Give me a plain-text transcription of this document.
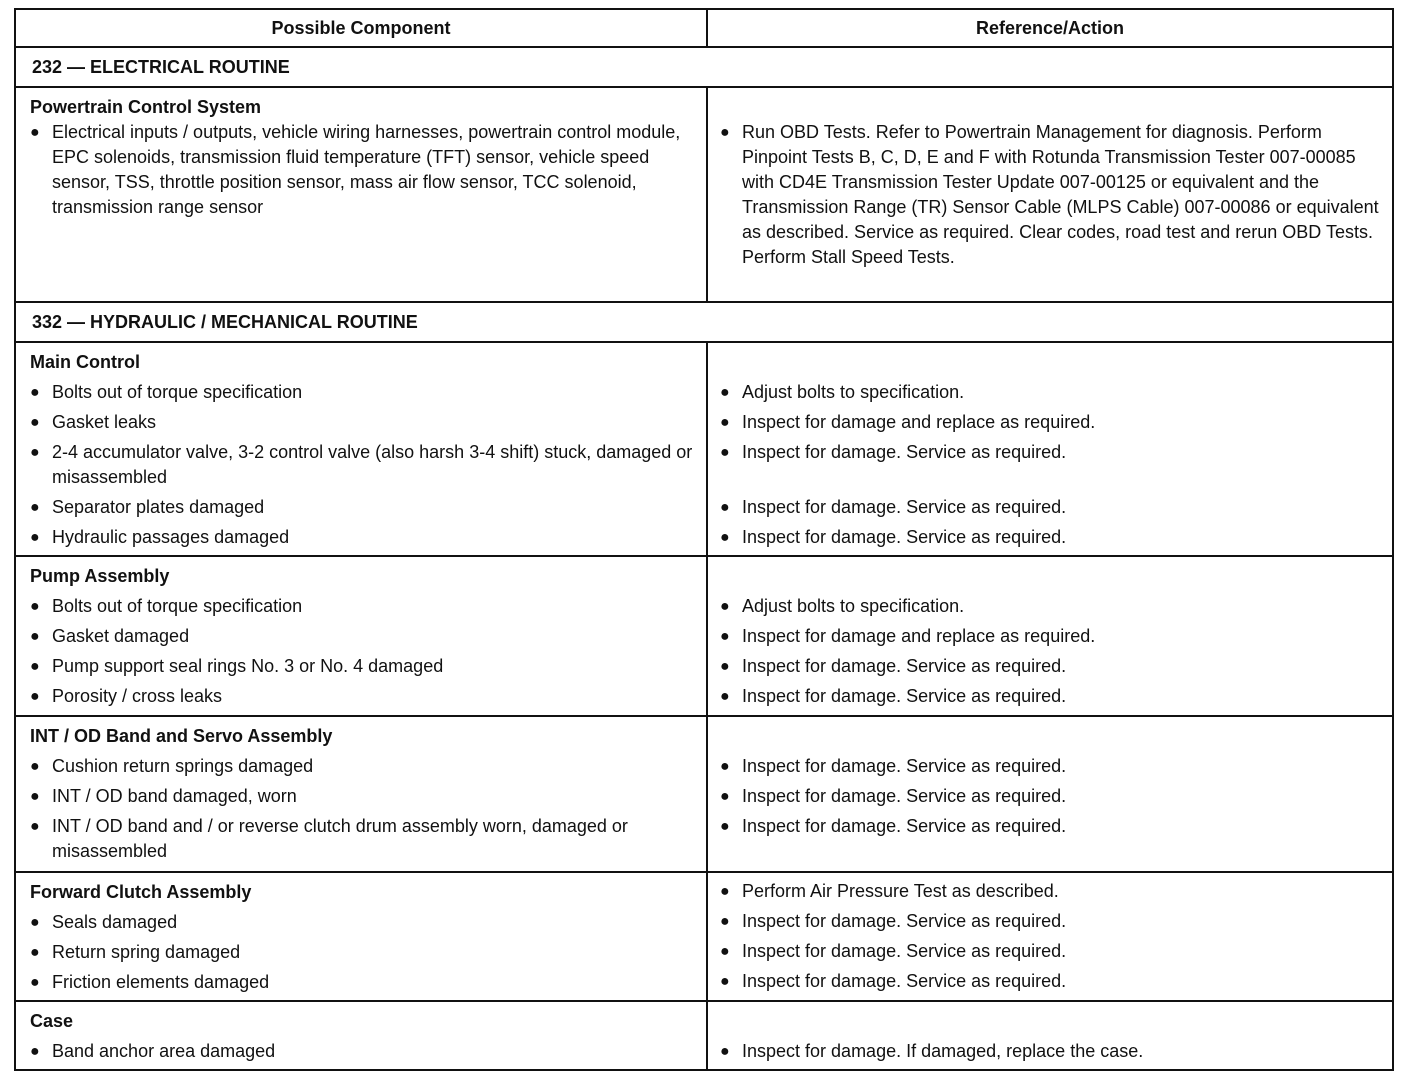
Possible Component	Reference/Action
232 — ELECTRICAL ROUTINE
Powertrain Control System
● Electrical inputs / outputs, vehicle wiring harnesses, powertrain control module, EPC solenoids, transmission fluid temperature (TFT) sensor, vehicle speed sensor, TSS, throttle position sensor, mass air flow sensor, TCC solenoid, transmission range sensor
● Run OBD Tests. Refer to Powertrain Management for diagnosis. Perform Pinpoint Tests B, C, D, E and F with Rotunda Transmission Tester 007-00085 with CD4E Transmission Tester Update 007-00125 or equivalent and the Transmission Range (TR) Sensor Cable (MLPS Cable) 007-00086 or equivalent as described. Service as required. Clear codes, road test and rerun OBD Tests. Perform Stall Speed Tests.
332 — HYDRAULIC / MECHANICAL ROUTINE
Main Control
● Bolts out of torque specification
● Gasket leaks
● 2-4 accumulator valve, 3-2 control valve (also harsh 3-4 shift) stuck, damaged or misassembled
● Separator plates damaged
● Hydraulic passages damaged
● Adjust bolts to specification.
● Inspect for damage and replace as required.
● Inspect for damage. Service as required.
● Inspect for damage. Service as required.
● Inspect for damage. Service as required.
Pump Assembly
● Bolts out of torque specification
● Gasket damaged
● Pump support seal rings No. 3 or No. 4 damaged
● Porosity / cross leaks
● Adjust bolts to specification.
● Inspect for damage and replace as required.
● Inspect for damage. Service as required.
● Inspect for damage. Service as required.
INT / OD Band and Servo Assembly
● Cushion return springs damaged
● INT / OD band damaged, worn
● INT / OD band and / or reverse clutch drum assembly worn, damaged or misassembled
● Inspect for damage. Service as required.
● Inspect for damage. Service as required.
● Inspect for damage. Service as required.
Forward Clutch Assembly
● Seals damaged
● Return spring damaged
● Friction elements damaged
● Perform Air Pressure Test as described.
● Inspect for damage. Service as required.
● Inspect for damage. Service as required.
● Inspect for damage. Service as required.
Case
● Band anchor area damaged	● Inspect for damage. If damaged, replace the case.
